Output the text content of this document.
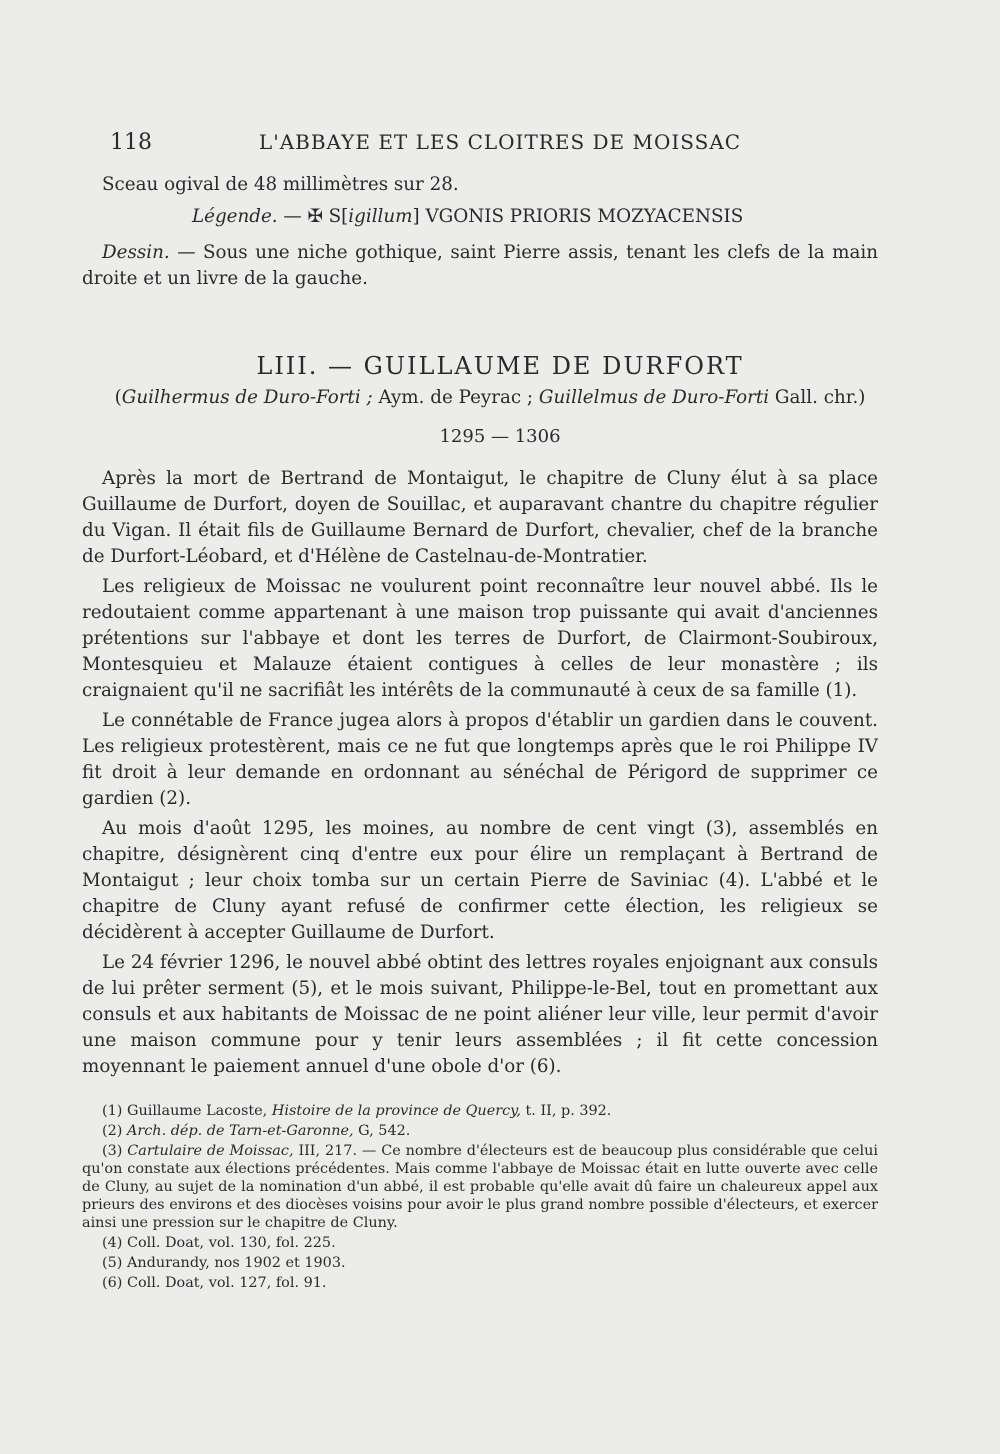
118	L'ABBAYE ET LES CLOITRES DE MOISSAC

Sceau ogival de 48 millimètres sur 28.

Légende. — ✠ S[igillum] VGONIS PRIORIS MOZYACENSIS

Dessin. — Sous une niche gothique, saint Pierre assis, tenant les clefs de la main droite et un livre de la gauche.

LIII. — GUILLAUME DE DURFORT
(Guilhermus de Duro-Forti ; Aym. de Peyrac ; Guillelmus de Duro-Forti Gall. chr.)
1295 — 1306

Après la mort de Bertrand de Montaigut, le chapitre de Cluny élut à sa place Guillaume de Durfort, doyen de Souillac, et auparavant chantre du chapitre régulier du Vigan. Il était fils de Guillaume Bernard de Durfort, chevalier, chef de la branche de Durfort-Léobard, et d'Hélène de Castelnau-de-Montratier.

Les religieux de Moissac ne voulurent point reconnaître leur nouvel abbé. Ils le redoutaient comme appartenant à une maison trop puissante qui avait d'anciennes prétentions sur l'abbaye et dont les terres de Durfort, de Clairmont-Soubiroux, Montesquieu et Malauze étaient contigues à celles de leur monastère ; ils craignaient qu'il ne sacrifiât les intérêts de la communauté à ceux de sa famille (1).

Le connétable de France jugea alors à propos d'établir un gardien dans le couvent. Les religieux protestèrent, mais ce ne fut que longtemps après que le roi Philippe IV fit droit à leur demande en ordonnant au sénéchal de Périgord de supprimer ce gardien (2).

Au mois d'août 1295, les moines, au nombre de cent vingt (3), assemblés en chapitre, désignèrent cinq d'entre eux pour élire un remplaçant à Bertrand de Montaigut ; leur choix tomba sur un certain Pierre de Saviniac (4). L'abbé et le chapitre de Cluny ayant refusé de confirmer cette élection, les religieux se décidèrent à accepter Guillaume de Durfort.

Le 24 février 1296, le nouvel abbé obtint des lettres royales enjoignant aux consuls de lui prêter serment (5), et le mois suivant, Philippe-le-Bel, tout en promettant aux consuls et aux habitants de Moissac de ne point aliéner leur ville, leur permit d'avoir une maison commune pour y tenir leurs assemblées ; il fit cette concession moyennant le paiement annuel d'une obole d'or (6).

(1) Guillaume Lacoste, Histoire de la province de Quercy, t. II, p. 392.

(2) Arch. dép. de Tarn-et-Garonne, G, 542.

(3) Cartulaire de Moissac, III, 217. — Ce nombre d'électeurs est de beaucoup plus considérable que celui qu'on constate aux élections précédentes. Mais comme l'abbaye de Moissac était en lutte ouverte avec celle de Cluny, au sujet de la nomination d'un abbé, il est probable qu'elle avait dû faire un chaleureux appel aux prieurs des environs et des diocèses voisins pour avoir le plus grand nombre possible d'électeurs, et exercer ainsi une pression sur le chapitre de Cluny.

(4) Coll. Doat, vol. 130, fol. 225.

(5) Andurandy, nos 1902 et 1903.

(6) Coll. Doat, vol. 127, fol. 91.
